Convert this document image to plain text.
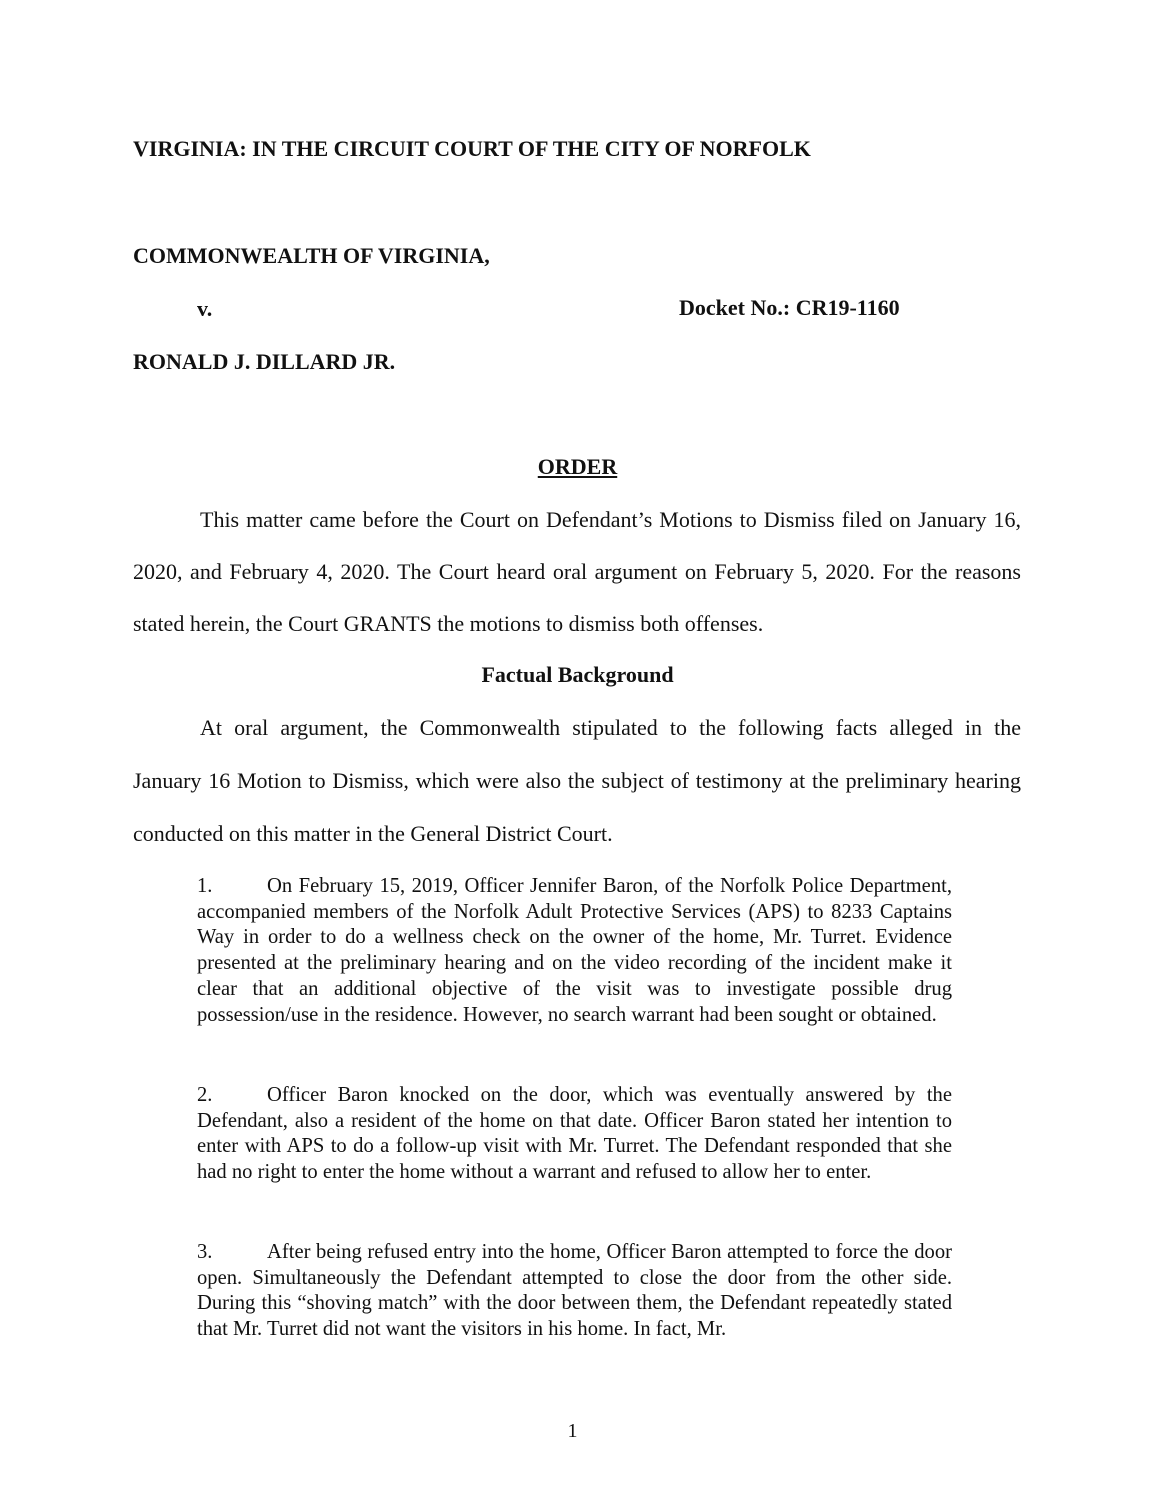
VIRGINIA: IN THE CIRCUIT COURT OF THE CITY OF NORFOLK
COMMONWEALTH OF VIRGINIA,
v.	Docket No.: CR19-1160
RONALD J. DILLARD JR.
ORDER
This matter came before the Court on Defendant’s Motions to Dismiss filed on January 16,
2020, and February 4, 2020. The Court heard oral argument on February 5, 2020. For the reasons
stated herein, the Court GRANTS the motions to dismiss both offenses.
Factual Background
At oral argument, the Commonwealth stipulated to the following facts alleged in the
January 16 Motion to Dismiss, which were also the subject of testimony at the preliminary hearing
conducted on this matter in the General District Court.
1.	On February 15, 2019, Officer Jennifer Baron, of the Norfolk Police Department, accompanied members of the Norfolk Adult Protective Services (APS) to 8233 Captains Way in order to do a wellness check on the owner of the home, Mr. Turret. Evidence presented at the preliminary hearing and on the video recording of the incident make it clear that an additional objective of the visit was to investigate possible drug possession/use in the residence. However, no search warrant had been sought or obtained.
2.	Officer Baron knocked on the door, which was eventually answered by the Defendant, also a resident of the home on that date. Officer Baron stated her intention to enter with APS to do a follow-up visit with Mr. Turret. The Defendant responded that she had no right to enter the home without a warrant and refused to allow her to enter.
3.	After being refused entry into the home, Officer Baron attempted to force the door open. Simultaneously the Defendant attempted to close the door from the other side. During this “shoving match” with the door between them, the Defendant repeatedly stated that Mr. Turret did not want the visitors in his home. In fact, Mr.
1
